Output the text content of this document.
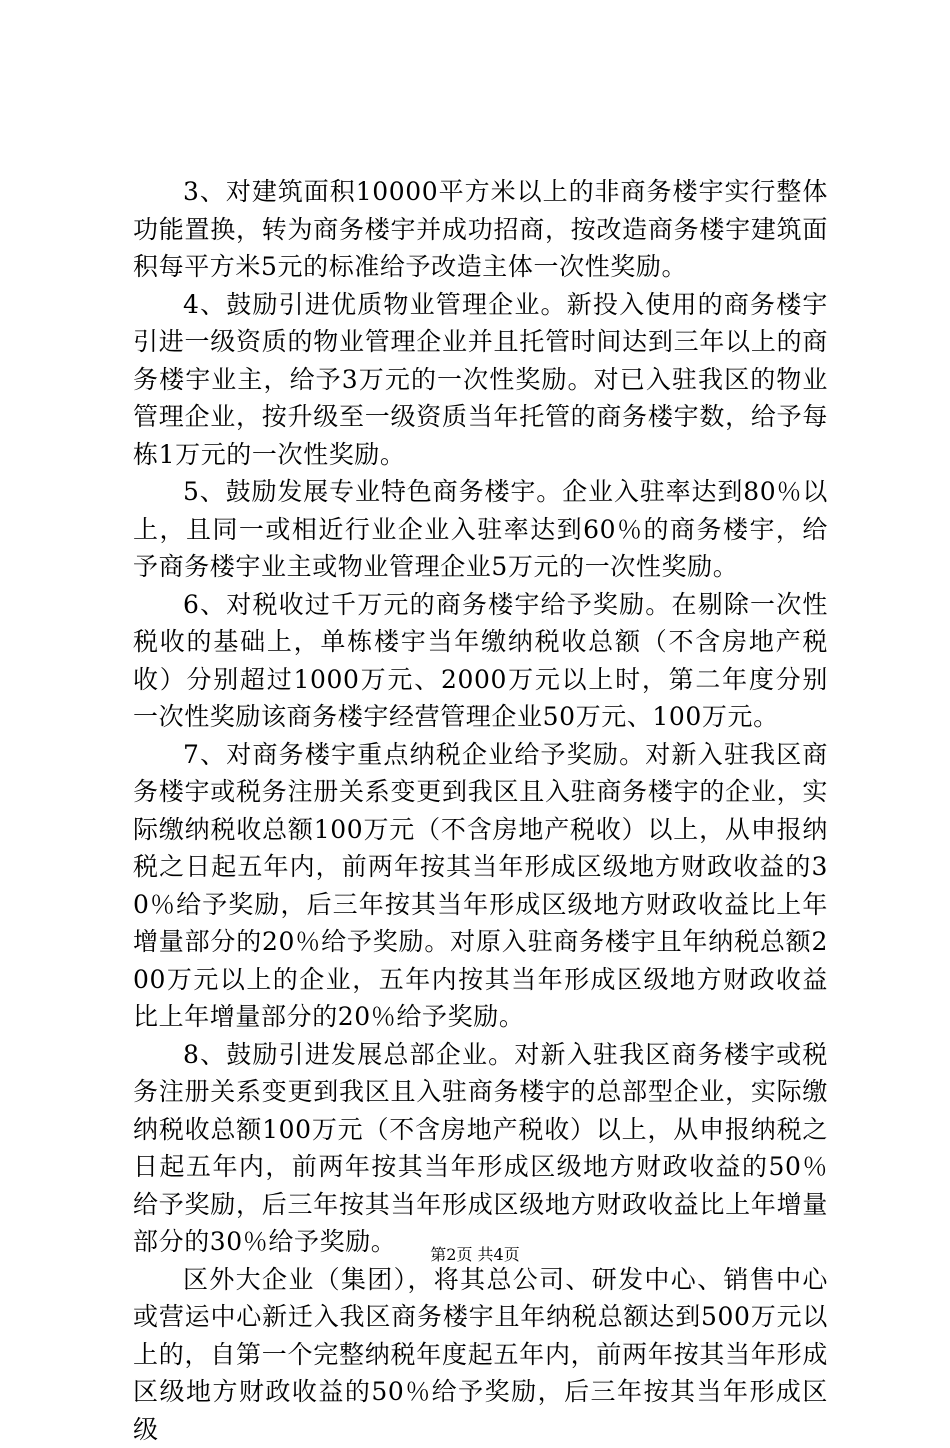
3、对建筑面积10000平方米以上的非商务楼宇实行整体功能置换，转为商务楼宇并成功招商，按改造商务楼宇建筑面积每平方米5元的标准给予改造主体一次性奖励。

4、鼓励引进优质物业管理企业。新投入使用的商务楼宇引进一级资质的物业管理企业并且托管时间达到三年以上的商务楼宇业主，给予3万元的一次性奖励。对已入驻我区的物业管理企业，按升级至一级资质当年托管的商务楼宇数，给予每栋1万元的一次性奖励。

5、鼓励发展专业特色商务楼宇。企业入驻率达到80％以上，且同一或相近行业企业入驻率达到60％的商务楼宇，给予商务楼宇业主或物业管理企业5万元的一次性奖励。

6、对税收过千万元的商务楼宇给予奖励。在剔除一次性税收的基础上，单栋楼宇当年缴纳税收总额（不含房地产税收）分别超过1000万元、2000万元以上时，第二年度分别一次性奖励该商务楼宇经营管理企业50万元、100万元。

7、对商务楼宇重点纳税企业给予奖励。对新入驻我区商务楼宇或税务注册关系变更到我区且入驻商务楼宇的企业，实际缴纳税收总额100万元（不含房地产税收）以上，从申报纳税之日起五年内，前两年按其当年形成区级地方财政收益的30％给予奖励，后三年按其当年形成区级地方财政收益比上年增量部分的20％给予奖励。对原入驻商务楼宇且年纳税总额200万元以上的企业，五年内按其当年形成区级地方财政收益比上年增量部分的20％给予奖励。

8、鼓励引进发展总部企业。对新入驻我区商务楼宇或税务注册关系变更到我区且入驻商务楼宇的总部型企业，实际缴纳税收总额100万元（不含房地产税收）以上，从申报纳税之日起五年内，前两年按其当年形成区级地方财政收益的50％给予奖励，后三年按其当年形成区级地方财政收益比上年增量部分的30％给予奖励。

区外大企业（集团），将其总公司、研发中心、销售中心或营运中心新迁入我区商务楼宇且年纳税总额达到500万元以上的，自第一个完整纳税年度起五年内，前两年按其当年形成区级地方财政收益的50％给予奖励，后三年按其当年形成区级

第2页 共4页
